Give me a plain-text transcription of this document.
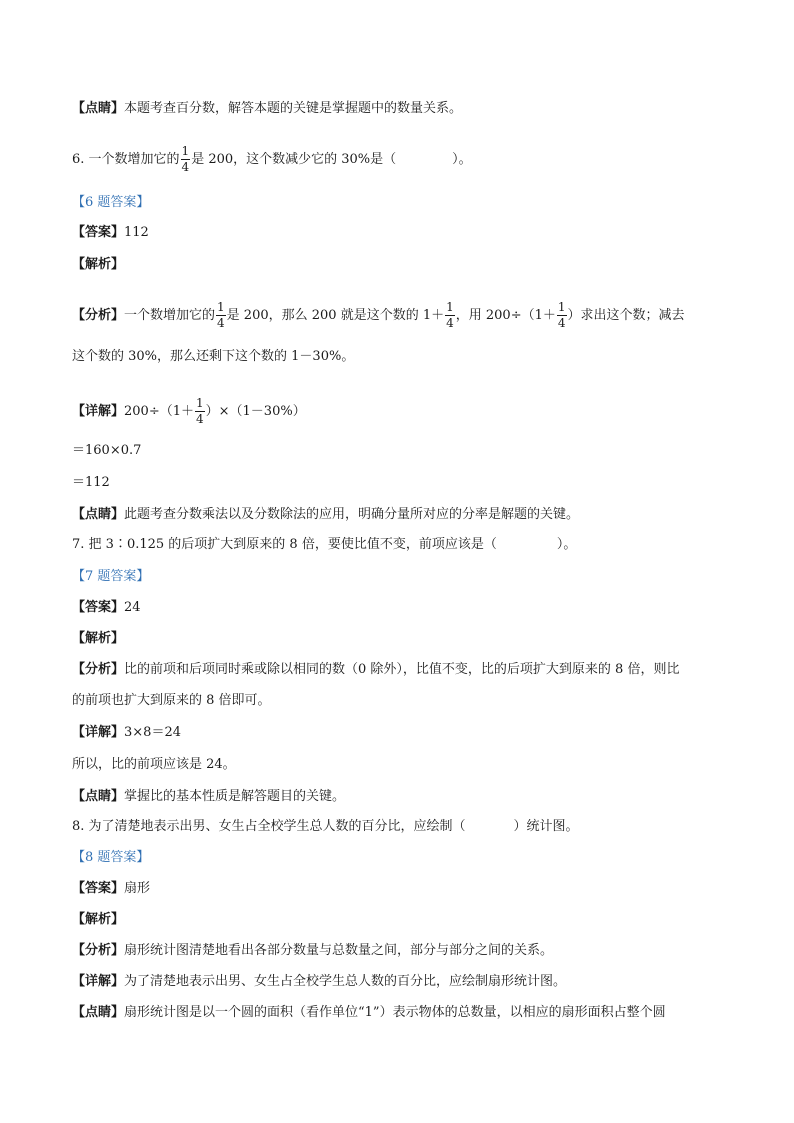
【点睛】本题考查百分数，解答本题的关键是掌握题中的数量关系。
6. 一个数增加它的 $\frac{1}{4}$ 是 200，这个数减少它的 30%是（	）。
【6 题答案】
【答案】112
【解析】
【分析】一个数增加它的 $\frac{1}{4}$ 是 200，那么 200 就是这个数的 $1+ \frac{1}{4}$ ，用 $200\div(1+ \frac{1}{4}$ ）求出这个数；减去
这个数的 30%，那么还剩下这个数的 1－30%。
【详解】$200\div(1+ \frac{1}{4} )\times(1-30\%)$
＝160×0.7
＝112
【点睛】此题考查分数乘法以及分数除法的应用，明确分量所对应的分率是解题的关键。
7. 把 3∶0.125 的后项扩大到原来的 8 倍，要使比值不变，前项应该是（	）。
【7 题答案】
【答案】24
【解析】
【分析】比的前项和后项同时乘或除以相同的数（0 除外），比值不变，比的后项扩大到原来的 8 倍，则比
的前项也扩大到原来的 8 倍即可。
【详解】3×8＝24
所以，比的前项应该是 24。
【点睛】掌握比的基本性质是解答题目的关键。
8. 为了清楚地表示出男、女生占全校学生总人数的百分比，应绘制（	）统计图。
【8 题答案】
【答案】扇形
【解析】
【分析】扇形统计图清楚地看出各部分数量与总数量之间，部分与部分之间的关系。
【详解】为了清楚地表示出男、女生占全校学生总人数的百分比，应绘制扇形统计图。
【点睛】扇形统计图是以一个圆的面积（看作单位“1”）表示物体的总数量，以相应的扇形面积占整个圆
